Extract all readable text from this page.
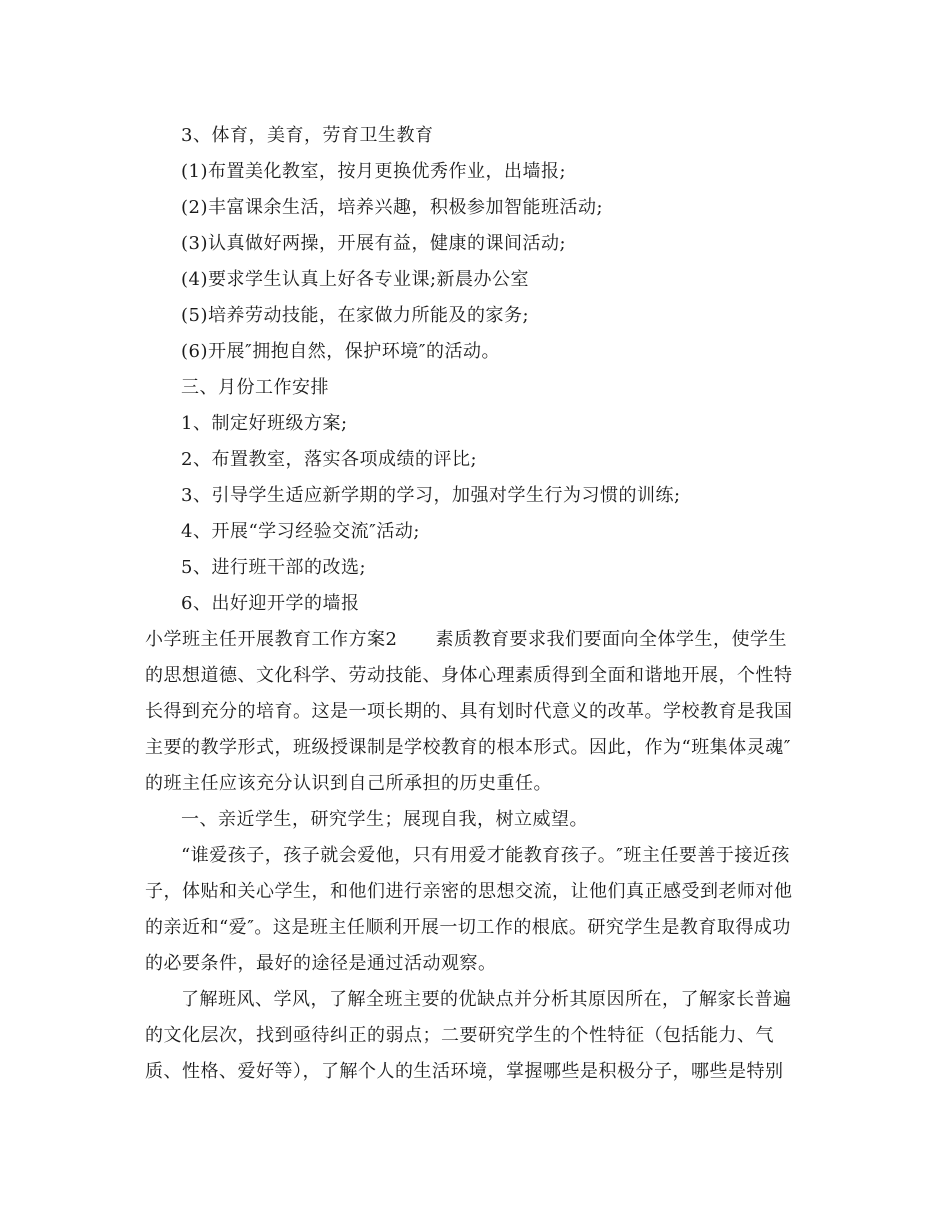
3、体育，美育，劳育卫生教育
(1)布置美化教室，按月更换优秀作业，出墙报;
(2)丰富课余生活，培养兴趣，积极参加智能班活动;
(3)认真做好两操，开展有益，健康的课间活动;
(4)要求学生认真上好各专业课;新晨办公室
(5)培养劳动技能，在家做力所能及的家务;
(6)开展″拥抱自然，保护环境″的活动。
三、月份工作安排
1、制定好班级方案;
2、布置教室，落实各项成绩的评比;
3、引导学生适应新学期的学习，加强对学生行为习惯的训练;
4、开展“学习经验交流″活动;
5、进行班干部的改选;
6、出好迎开学的墙报
小学班主任开展教育工作方案2 素质教育要求我们要面向全体学生，使学生
的思想道德、文化科学、劳动技能、身体心理素质得到全面和谐地开展，个性特
长得到充分的培育。这是一项长期的、具有划时代意义的改革。学校教育是我国
主要的教学形式，班级授课制是学校教育的根本形式。因此，作为“班集体灵魂″
的班主任应该充分认识到自己所承担的历史重任。
一、亲近学生，研究学生；展现自我，树立威望。
“谁爱孩子，孩子就会爱他，只有用爱才能教育孩子。″班主任要善于接近孩
子，体贴和关心学生，和他们进行亲密的思想交流，让他们真正感受到老师对他
的亲近和“爱″。这是班主任顺利开展一切工作的根底。研究学生是教育取得成功
的必要条件，最好的途径是通过活动观察。
了解班风、学风，了解全班主要的优缺点并分析其原因所在，了解家长普遍
的文化层次，找到亟待纠正的弱点；二要研究学生的个性特征（包括能力、气
质、性格、爱好等），了解个人的生活环境，掌握哪些是积极分子，哪些是特别
